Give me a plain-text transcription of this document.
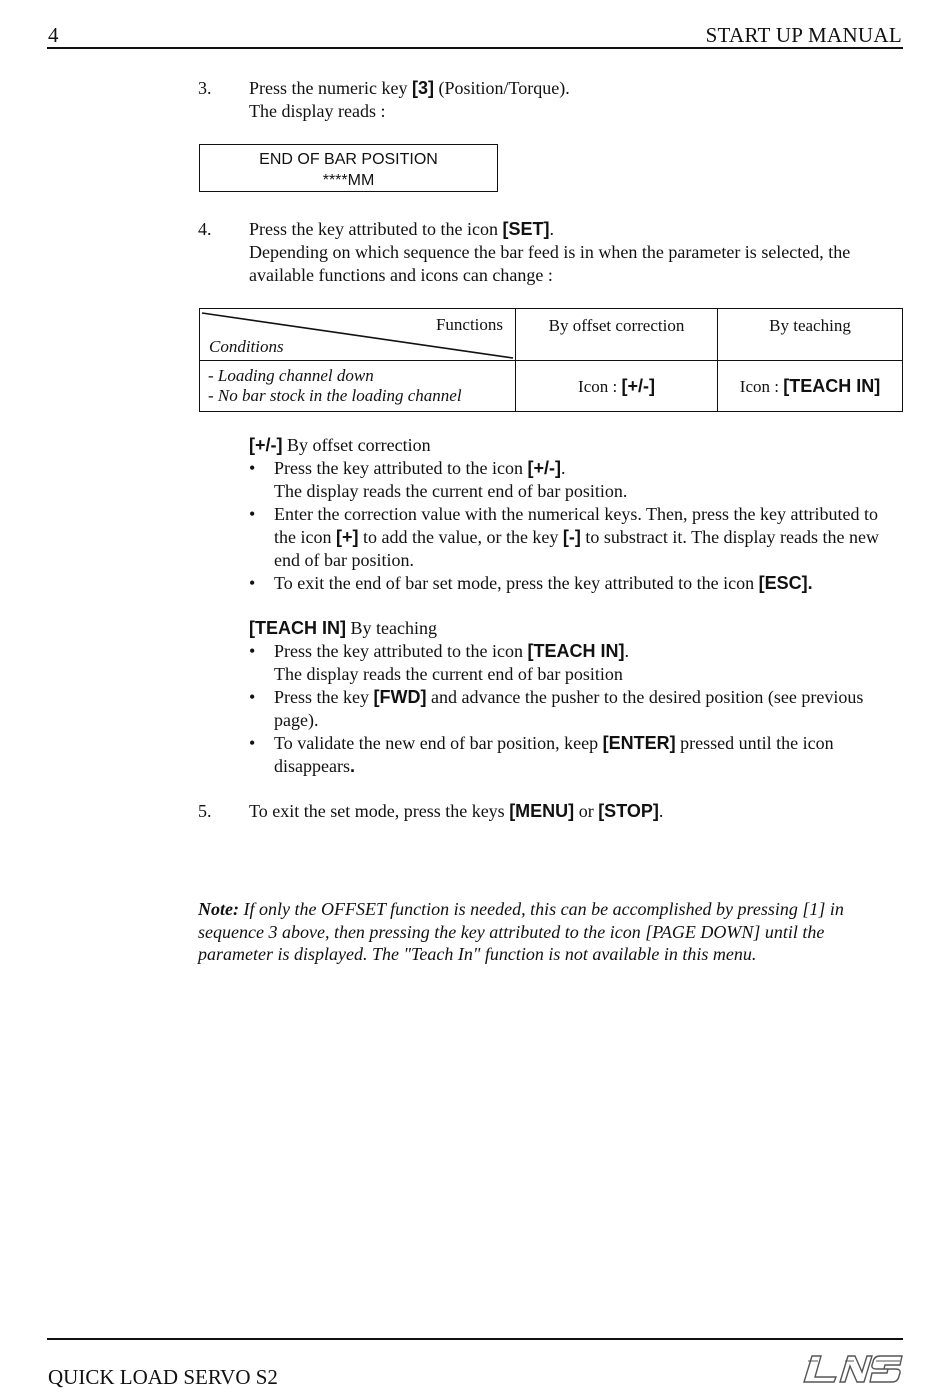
4	START UP MANUAL
3. Press the numeric key [3] (Position/Torque).
The display reads :
END OF BAR POSITION
****MM
4. Press the key attributed to the icon [SET].
Depending on which sequence the bar feed is in when the parameter is selected, the available functions and icons can change :
Functions
Conditions	By offset correction	By teaching

- Loading channel down
- No bar stock in the loading channel	Icon : [+/-]	Icon : [TEACH IN]
[+/-] By offset correction
• Press the key attributed to the icon [+/-].
The display reads the current end of bar position.
• Enter the correction value with the numerical keys. Then, press the key attributed to the icon [+] to add the value, or the key [-] to substract it. The display reads the new end of bar position.
• To exit the end of bar set mode, press the key attributed to the icon [ESC].
[TEACH IN] By teaching
• Press the key attributed to the icon [TEACH IN].
The display reads the current end of bar position
• Press the key [FWD] and advance the pusher to the desired position (see previous page).
• To validate the new end of bar position, keep [ENTER] pressed until the icon disappears.
5. To exit the set mode, press the keys [MENU] or [STOP].
Note: If only the OFFSET function is needed, this can be accomplished by pressing [1] in sequence 3 above, then pressing the key attributed to the icon [PAGE DOWN] until the parameter is displayed. The "Teach In" function is not available in this menu.
QUICK LOAD SERVO S2
